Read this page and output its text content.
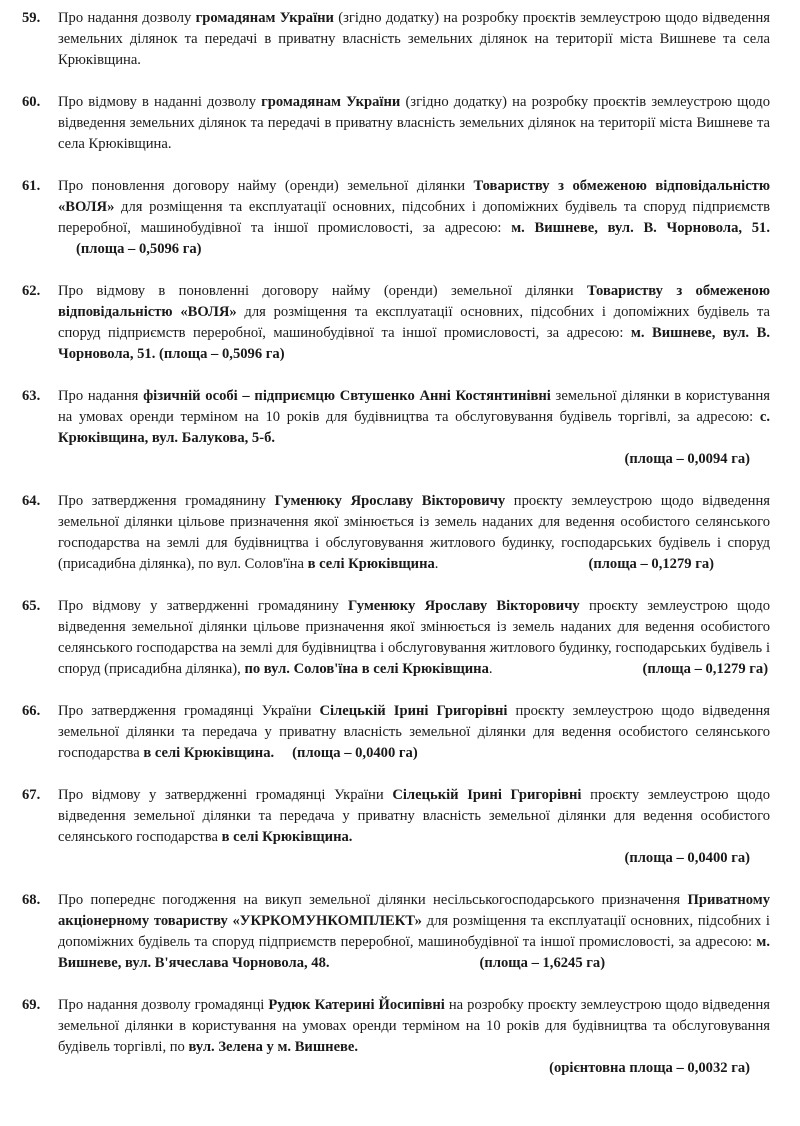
59. Про надання дозволу громадянам України (згідно додатку) на розробку проєктів землеустрою щодо відведення земельних ділянок та передачі в приватну власність земельних ділянок на території міста Вишневе та села Крюківщина.
60. Про відмову в наданні дозволу громадянам України (згідно додатку) на розробку проєктів землеустрою щодо відведення земельних ділянок та передачі в приватну власність земельних ділянок на території міста Вишневе та села Крюківщина.
61. Про поновлення договору найму (оренди) земельної ділянки Товариству з обмеженою відповідальністю «ВОЛЯ» для розміщення та експлуатації основних, підсобних і допоміжних будівель та споруд підприємств переробної, машинобудівної та іншої промисловості, за адресою: м. Вишневе, вул. В. Чорновола, 51.(площа – 0,5096 га)
62. Про відмову в поновленні договору найму (оренди) земельної ділянки Товариству з обмеженою відповідальністю «ВОЛЯ» для розміщення та експлуатації основних, підсобних і допоміжних будівель та споруд підприємств переробної, машинобудівної та іншої промисловості, за адресою: м. Вишневе, вул. В. Чорновола, 51. (площа – 0,5096 га)
63. Про надання фізичній особі – підприємцю Свтушенко Анні Костянтинівні земельної ділянки в користування на умовах оренди терміном на 10 років для будівництва та обслуговування будівель торгівлі, за адресою: с. Крюківщина, вул. Балукова, 5-б.
(площа – 0,0094 га)
64. Про затвердження громадянину Гуменюку Ярославу Вікторовичу проєкту землеустрою щодо відведення земельної ділянки цільове призначення якої змінюється із земель наданих для ведення особистого селянського господарства на землі для будівництва і обслуговування житлового будинку, господарських будівель і споруд (присадибна ділянка), по вул. Солов'їна в селі Крюківщина.	(площа – 0,1279 га)
65. Про відмову у затвердженні громадянину Гуменюку Ярославу Вікторовичу проєкту землеустрою щодо відведення земельної ділянки цільове призначення якої змінюється із земель наданих для ведення особистого селянського господарства на землі для будівництва і обслуговування житлового будинку, господарських будівель і споруд (присадибна ділянка), по вул. Солов'їна в селі Крюківщина.	(площа – 0,1279 га)
66. Про затвердження громадянці України Сілецькій Ірині Григорівні проєкту землеустрою щодо відведення земельної ділянки та передача у приватну власність земельної ділянки для ведення особистого селянського господарства в селі Крюківщина. (площа – 0,0400 га)
67. Про відмову у затвердженні громадянці України Сілецькій Ірині Григорівні проєкту землеустрою щодо відведення земельної ділянки та передача у приватну власність земельної ділянки для ведення особистого селянського господарства в селі Крюківщина.
(площа – 0,0400 га)
68. Про попереднє погодження на викуп земельної ділянки несільськогосподарського призначення Приватному акціонерному товариству «УКРКОМУНКОМПЛЕКТ» для розміщення та експлуатації основних, підсобних і допоміжних будівель та споруд підприємств переробної, машинобудівної та іншої промисловості, за адресою: м. Вишневе, вул. В'ячеслава Чорновола, 48.	(площа – 1,6245 га)
69. Про надання дозволу громадянці Рудюк Катерині Йосипівні на розробку проєкту землеустрою щодо відведення земельної ділянки в користування на умовах оренди терміном на 10 років для будівництва та обслуговування будівель торгівлі, по вул. Зелена у м. Вишневе.
(орієнтовна площа – 0,0032 га)
